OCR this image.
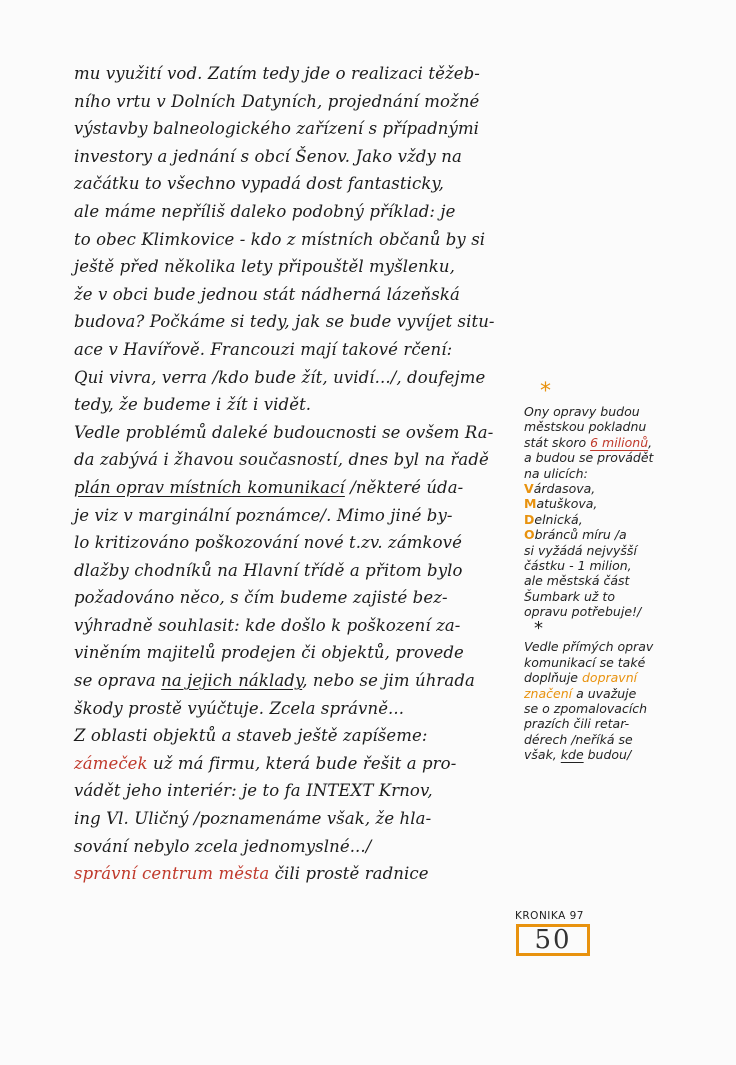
mu využití vod. Zatím tedy jde o realizaci těžeb-
ního vrtu v Dolních Datyních, projednání možné
výstavby balneologického zařízení s případnými
investory a jednání s obcí Šenov. Jako vždy na
začátku to všechno vypadá dost fantasticky,
ale máme nepříliš daleko podobný příklad: je
to obec Klimkovice - kdo z místních občanů by si
ještě před několika lety připouštěl myšlenku,
že v obci bude jednou stát nádherná lázeňská
budova? Počkáme si tedy, jak se bude vyvíjet situ-
ace v Havířově. Francouzi mají takové rčení:
Qui vivra, verra /kdo bude žít, uvidí.../, doufejme
tedy, že budeme i žít i vidět.
Vedle problémů daleké budoucnosti se ovšem Ra-
da zabývá i žhavou současností, dnes byl na řadě
plán oprav místních komunikací /některé úda-
je viz v marginální poznámce/. Mimo jiné by-
lo kritizováno poškozování nové t.zv. zámkové
dlažby chodníků na Hlavní třídě a přitom bylo
požadováno něco, s čím budeme zajisté bez-
výhradně souhlasit: kde došlo k poškození za-
viněním majitelů prodejen či objektů, provede
se oprava na jejich náklady, nebo se jim úhrada
škody prostě vyúčtuje. Zcela správně...
Z oblasti objektů a staveb ještě zapíšeme:
zámeček už má firmu, která bude řešit a pro-
vádět jeho interiér: je to fa INTEXT Krnov,
ing Vl. Uličný /poznamenáme však, že hla-
sování nebylo zcela jednomyslné.../
správní centrum města čili prostě radnice
*
Ony opravy budou
městskou pokladnu
stát skoro 6 milionů,
a budou se provádět
na ulicích:
Várdasova,
Matuškova,
Delnická,
Obránců míru /a
si vyžádá nejvyšší
částku - 1 milion,
ale městská část
Šumbark už to
opravu potřebuje!/
*
Vedle přímých oprav
komunikací se také
doplňuje dopravní
značení a uvažuje
se o zpomalovacích
prazích čili retar-
dérech /neříká se
však, kde budou/
KRONIKA 97
50
